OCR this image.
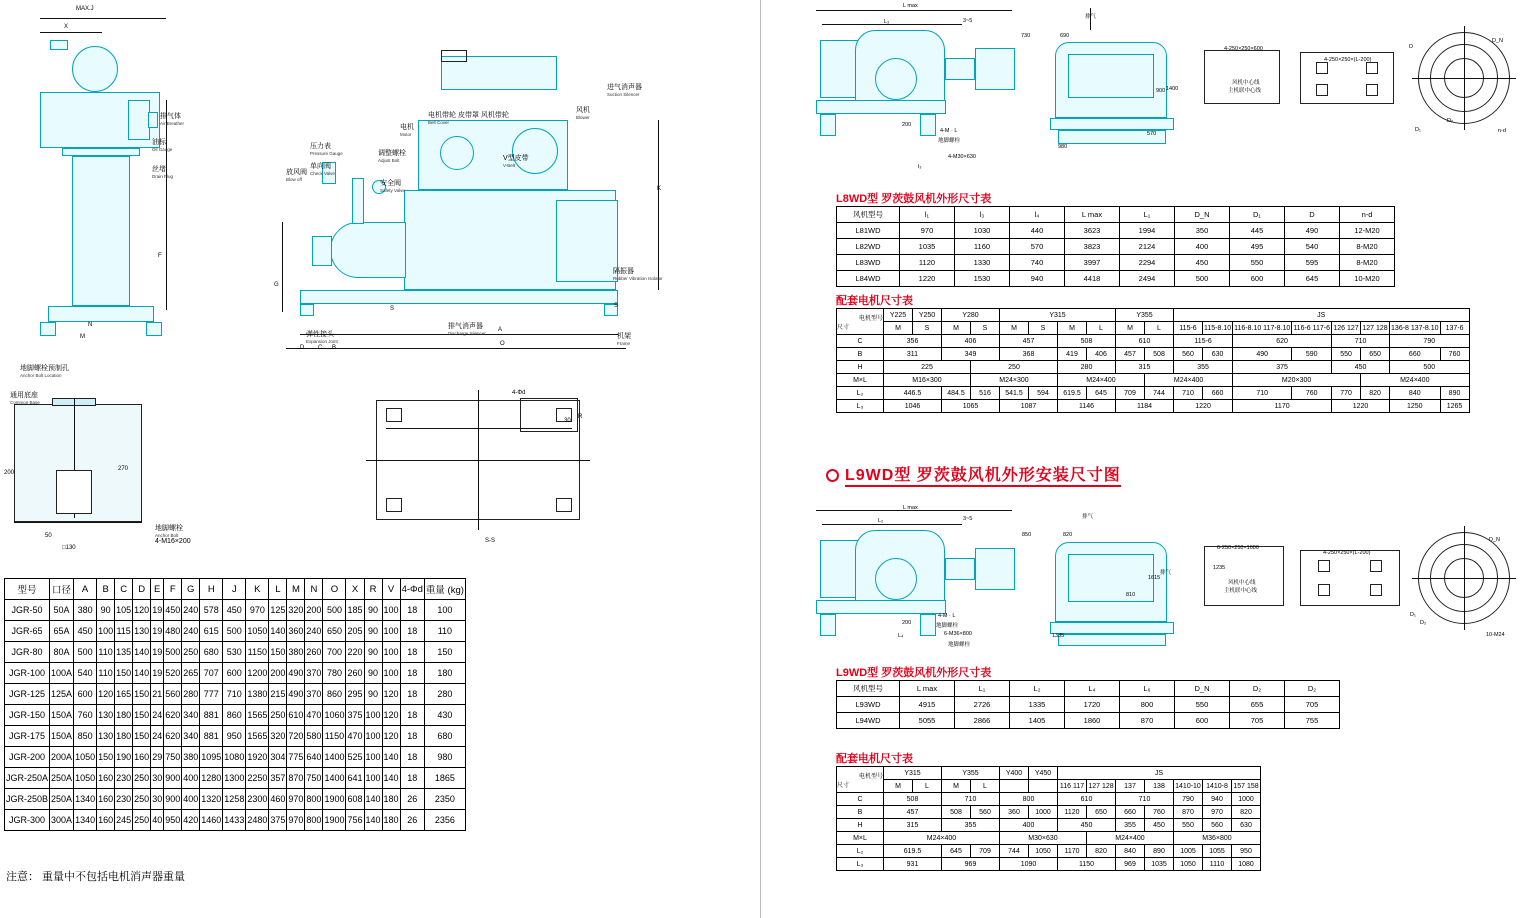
排气体
Air Breather
油标
Oil Gauge
丝堵
Drain Plug
地脚螺栓预制孔
Anchor Bolt Location
通用底座
Common Base
地脚螺栓
Anchor Bolt
4-M16×200
压力表
Pressure Gauge
单向阀
Check Valve
放风阀
Blow off
安全阀
Safety Valve
调整螺栓
Adjust Bolt
电机
Motor
电机带轮 皮带罩 风机带轮
Belt Cover
V型皮带
V-Belt
风机
Blower
进气消声器
Suction Silencer
隔振器
Rubber Vibration Isolator
机架
Frame
排气消声器
Discharge Silencer
弹性接头
Expansion Joint
MAX.J
X
F
N
M
200
270
50
□130
G
D C B
A
O
K
S
S
S-S
4-Φd
30
R
型号	口径	A	B	C	D	E	F	G	H	J	K	L	M	N	O	X	R	V	4-Φd	重量 (kg)
JGR-50	50A	380	90	105	120	19	450	240	578	450	970	125	320	200	500	185	90	100	18	100
JGR-65	65A	450	100	115	130	19	480	240	615	500	1050	140	360	240	650	205	90	100	18	110
JGR-80	80A	500	110	135	140	19	500	250	680	530	1150	150	380	260	700	220	90	100	18	150
JGR-100	100A	540	110	150	140	19	520	265	707	600	1200	200	490	370	780	260	90	100	18	180
JGR-125	125A	600	120	165	150	21	560	280	777	710	1380	215	490	370	860	295	90	120	18	280
JGR-150	150A	760	130	180	150	24	620	340	881	860	1565	250	610	470	1060	375	100	120	18	430
JGR-175	150A	850	130	180	150	24	620	340	881	950	1565	320	720	580	1150	470	100	120	18	680
JGR-200	200A	1050	150	190	160	29	750	380	1095	1080	1920	304	775	640	1400	525	100	140	18	980
JGR-250A	250A	1050	160	230	250	30	900	400	1280	1300	2250	357	870	750	1400	641	100	140	18	1865
JGR-250B	250A	1340	160	230	250	30	900	400	1320	1258	2300	460	970	800	1900	608	140	180	26	2350
JGR-300	300A	1340	160	245	250	40	950	420	1460	1433	2480	375	970	800	1900	756	140	180	26	2356
注意： 重量中不包括电机消声器重量
L max
L₃	3~5
排气
730	690
4-250×250×600
4-250×250×(L-200)
D
D_N
900 1400
570
200
980
4-M · L
地脚螺栓
4-M30×630
l₃
风机中心线
主机联中心线
n-d
D₁
D₂
L8WD型 罗茨鼓风机外形尺寸表
风机型号	l₁	l₃	l₄	L max	L₁	D_N	D₁	D	n-d
L81WD	970	1030	440	3623	1994	350	445	490	12-M20
L82WD	1035	1160	570	3823	2124	400	495	540	8-M20
L83WD	1120	1330	740	3997	2294	450	550	595	8-M20
L84WD	1220	1530	940	4418	2494	500	600	645	10-M20
配套电机尺寸表
电机型号
尺寸	Y225	Y250	Y280		Y315				Y355		JS							
	M	S	M	S	M	S	M	L	M	L	115-6	115-8.10	116-8.10 117-8.10	116-6 117-6	126 127	127 128	136-8 137-8.10	137-6
C	356		406		457		508		610		115-6		620		710		790	
B	311		349		368		419	406	457	508	560	630	490	590	550	650	660	760
H	225			250			280		315		355		375		450		500	
M×L	M16×300			M24×300			M24×400			M24×400			M20×300			M24×400		
L₂	446.5		484.5	516	541.5	594	619.5	645	709	744	710	660	710	760	770	820	840	890
L₃	1046		1065		1087		1146		1184		1220		1170		1220		1250	1265
L9WD型 罗茨鼓风机外形安装尺寸图
L max
L₂	3~5	排气
850	820
6-250×250×1000
4-250×250×(L-200)
D_N
1615
1235
810
排气
200
1335
L₄
4-M · L
地脚螺栓
6-M36×800
地脚螺栓
风机中心线
主机联中心线
10-M24
D₂
D₁
L9WD型 罗茨鼓风机外形尺寸表
风机型号	L max	L₁	L₂	L₄	L₆	D_N	D₂	D₂
L93WD	4915	2726	1335	1720	800	550	655	705
L94WD	5055	2866	1405	1860	870	600	705	755
配套电机尺寸表
电机型号
尺寸	Y315		Y355		Y400	Y450	JS						
	M	L	M	L			116 117	127 128	137	138	1410-10	1410-8	157 158
C	508		710		800		610		710		790	940	1000
B	457		508	560	360	1000	1120	650	660	760	870	970	820
H	315		355		400		450		355	450	550	560	630
M×L	M24×400				M30×630			M24×400			M36×800		
L₂	619.5		645	709	744	1050	1170	820	840	890	1005	1055	950
L₃	931		969		1090		1150		969	1035	1050	1110	1080
